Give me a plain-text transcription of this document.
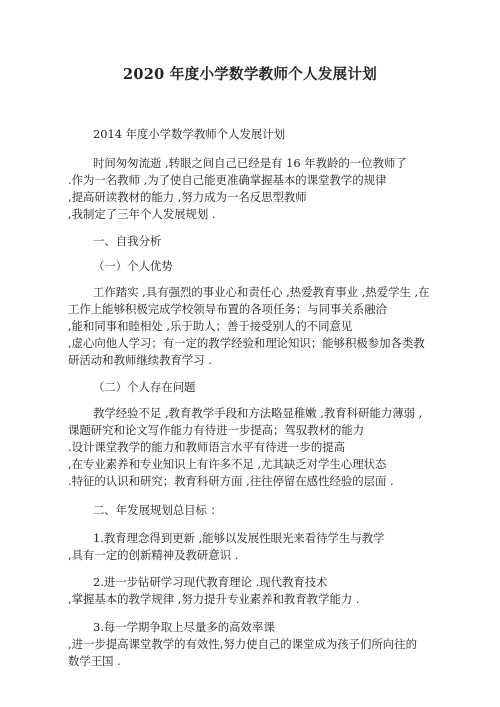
2020 年度小学数学教师个人发展计划
2014 年度小学数学教师个人发展计划
时间匆匆流逝 ,转眼之间自己已经是有 16 年教龄的一位教师了
.作为一名教师 ,为了使自己能更准确掌握基本的课堂教学的规律
,提高研读教材的能力 ,努力成为一名反思型教师
,我制定了三年个人发展规划 .
一、自我分析
（一）个人优势
工作踏实 ,具有强烈的事业心和责任心 ,热爱教育事业 ,热爱学生 ,在
工作上能够积极完成学校领导布置的各项任务；与同事关系融洽
,能和同事和睦相处 ,乐于助人；善于接受别人的不同意见
,虚心向他人学习；有一定的教学经验和理论知识；能够积极参加各类教
研活动和教师继续教育学习 .
（二）个人存在问题
教学经验不足 ,教育教学手段和方法略显稚嫩 ,教育科研能力薄弱 ,
课题研究和论文写作能力有待进一步提高；驾驭教材的能力
.设计课堂教学的能力和教师语言水平有待进一步的提高
,在专业素养和专业知识上有许多不足 ,尤其缺乏对学生心理状态
.特征的认识和研究；教育科研方面 ,往往停留在感性经验的层面 .
二、年发展规划总目标 ：
1.教育理念得到更新 ,能够以发展性眼光来看待学生与教学
,具有一定的创新精神及教研意识 .
2.进一步钻研学习现代教育理论 .现代教育技术
,掌握基本的教学规律 ,努力提升专业素养和教育教学能力 .
3.每一学期争取上尽量多的高效率课
,进一步提高课堂教学的有效性,努力使自己的课堂成为孩子们所向往的
数学王国 .
